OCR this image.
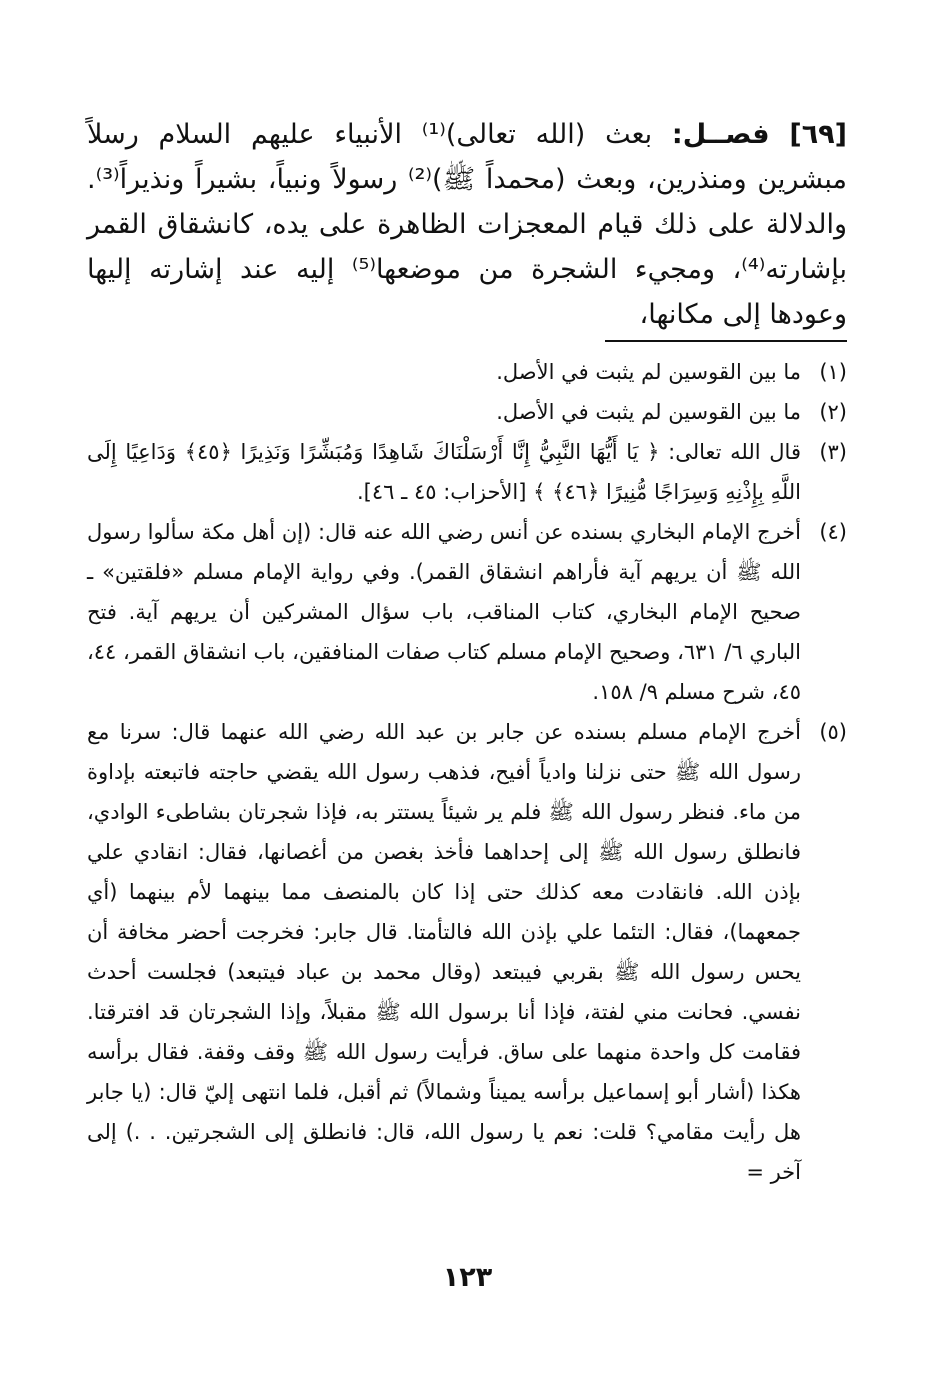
[٦٩] فصــل: بعث (الله تعالى)⁽¹⁾ الأنبياء عليهم السلام رسلاً مبشرين ومنذرين، وبعث (محمداً ﷺ)⁽²⁾ رسولاً ونبياً، بشيراً ونذيراً⁽³⁾. والدلالة على ذلك قيام المعجزات الظاهرة على يده، كانشقاق القمر بإشارته⁽⁴⁾، ومجيء الشجرة من موضعها⁽⁵⁾ إليه عند إشارته إليها وعودها إلى مكانها،
(١)
ما بين القوسين لم يثبت في الأصل.
(٢)
ما بين القوسين لم يثبت في الأصل.
(٣)
قال الله تعالى: ﴿ يَا أَيُّهَا النَّبِيُّ إِنَّا أَرْسَلْنَاكَ شَاهِدًا وَمُبَشِّرًا وَنَذِيرًا ﴿٤٥﴾ وَدَاعِيًا إِلَى اللَّهِ بِإِذْنِهِ وَسِرَاجًا مُّنِيرًا ﴿٤٦﴾ ﴾ [الأحزاب: ٤٥ ـ ٤٦].
(٤)
أخرج الإمام البخاري بسنده عن أنس رضي الله عنه قال: (إن أهل مكة سألوا رسول الله ﷺ أن يريهم آية فأراهم انشقاق القمر). وفي رواية الإمام مسلم «فلقتين» ـ صحيح الإمام البخاري، كتاب المناقب، باب سؤال المشركين أن يريهم آية. فتح الباري ٦/ ٦٣١، وصحيح الإمام مسلم كتاب صفات المنافقين، باب انشقاق القمر، ٤٤، ٤٥، شرح مسلم ٩/ ١٥٨.
(٥)
أخرج الإمام مسلم بسنده عن جابر بن عبد الله رضي الله عنهما قال: سرنا مع رسول الله ﷺ حتى نزلنا وادياً أفيح، فذهب رسول الله يقضي حاجته فاتبعته بإداوة من ماء. فنظر رسول الله ﷺ فلم ير شيئاً يستتر به، فإذا شجرتان بشاطىء الوادي، فانطلق رسول الله ﷺ إلى إحداهما فأخذ بغصن من أغصانها، فقال: انقادي علي بإذن الله. فانقادت معه كذلك حتى إذا كان بالمنصف مما بينهما لأم بينهما (أي جمعهما)، فقال: التئما علي بإذن الله فالتأمتا. قال جابر: فخرجت أحضر مخافة أن يحس رسول الله ﷺ بقربي فيبتعد (وقال محمد بن عباد فيتبعد) فجلست أحدث نفسي. فحانت مني لفتة، فإذا أنا برسول الله ﷺ مقبلاً، وإذا الشجرتان قد افترقتا. فقامت كل واحدة منهما على ساق. فرأيت رسول الله ﷺ وقف وقفة. فقال برأسه هكذا (أشار أبو إسماعيل برأسه يميناً وشمالاً) ثم أقبل، فلما انتهى إليّ قال: (يا جابر هل رأيت مقامي؟ قلت: نعم يا رسول الله، قال: فانطلق إلى الشجرتين. . .) إلى آخر =
١٢٣
